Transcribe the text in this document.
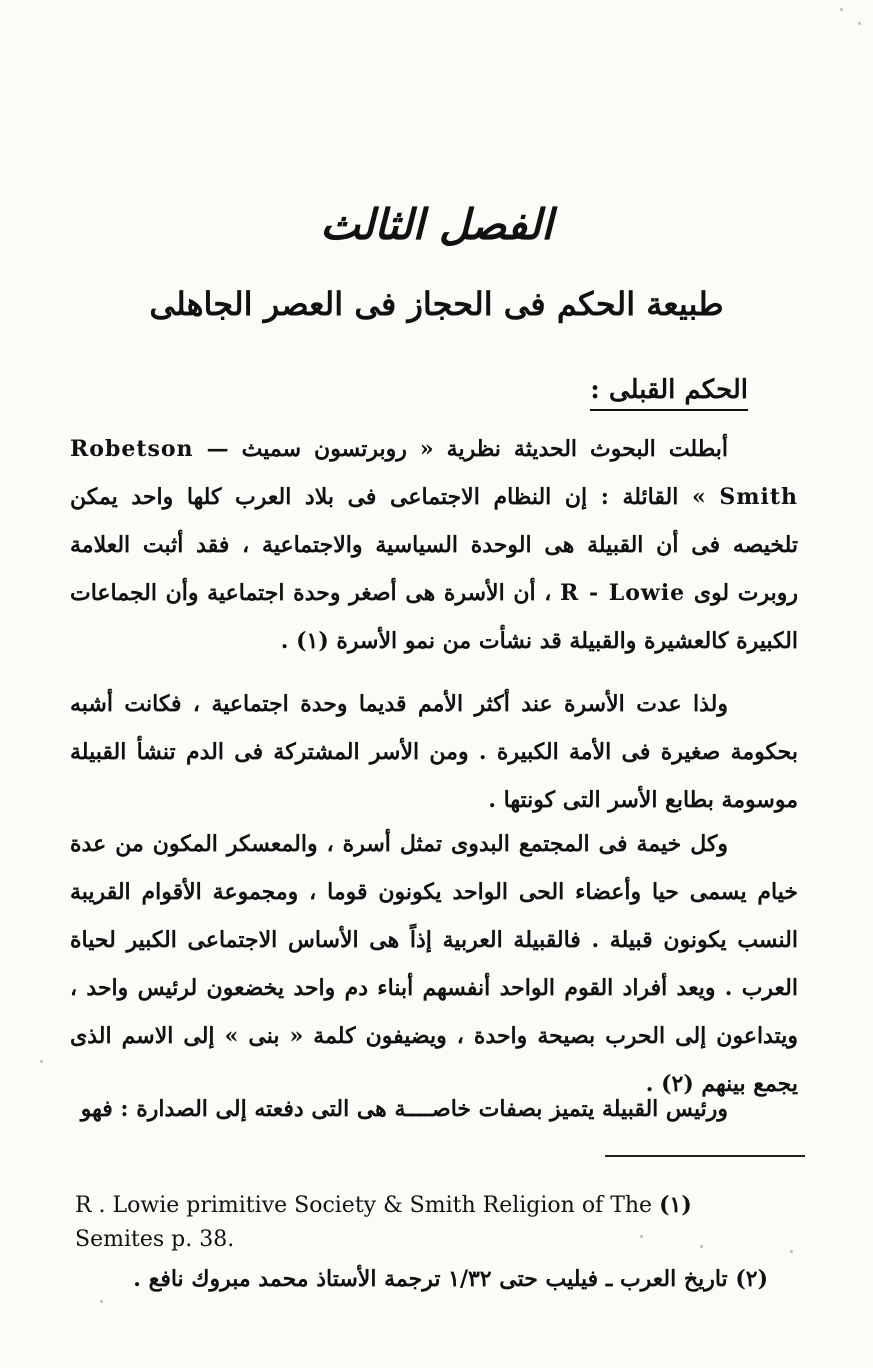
الفصل الثالث
طبيعة الحكم فى الحجاز فى العصر الجاهلى
الحكم القبلى :
أبطلت البحوث الحديثة نظرية « روبرتسون سميث — Robetson Smith » القائلة : إن النظام الاجتماعى فى بلاد العرب كلها واحد يمكن تلخيصه فى أن القبيلة هى الوحدة السياسية والاجتماعية ، فقد أثبت العلامة روبرت لوى R - Lowie ، أن الأسرة هى أصغر وحدة اجتماعية وأن الجماعات الكبيرة كالعشيرة والقبيلة قد نشأت من نمو الأسرة (١) .
ولذا عدت الأسرة عند أكثر الأمم قديما وحدة اجتماعية ، فكانت أشبه بحكومة صغيرة فى الأمة الكبيرة . ومن الأسر المشتركة فى الدم تنشأ القبيلة موسومة بطابع الأسر التى كونتها .
وكل خيمة فى المجتمع البدوى تمثل أسرة ، والمعسكر المكون من عدة خيام يسمى حيا وأعضاء الحى الواحد يكونون قوما ، ومجموعة الأقوام القريبة النسب يكونون قبيلة . فالقبيلة العربية إذاً هى الأساس الاجتماعى الكبير لحياة العرب . ويعد أفراد القوم الواحد أنفسهم أبناء دم واحد يخضعون لرئيس واحد ، ويتداعون إلى الحرب بصيحة واحدة ، ويضيفون كلمة « بنى » إلى الاسم الذى يجمع بينهم (٢) .
ورئيس القبيلة يتميز بصفات خاصــــة هى التى دفعته إلى الصدارة : فهو
R . Lowie primitive Society & Smith Religion of The (١)
Semites p. 38.
(٢) تاريخ العرب ـ فيليب حتى ١/٣٢ ترجمة الأستاذ محمد مبروك نافع .
